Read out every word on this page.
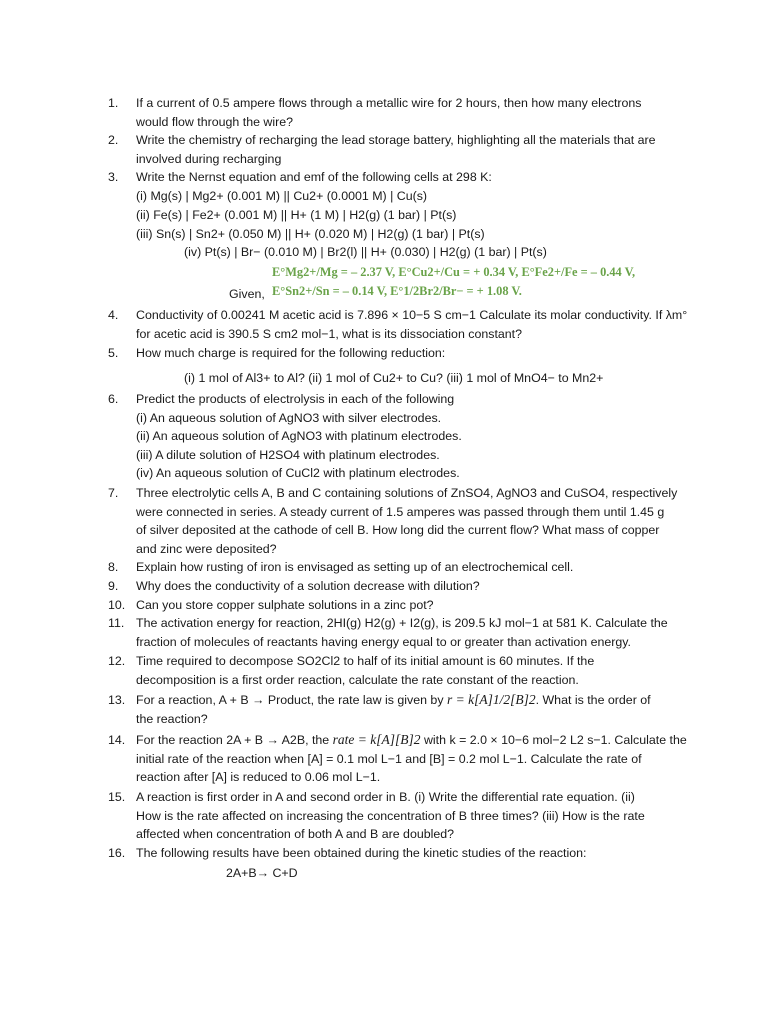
1.	If a current of 0.5 ampere flows through a metallic wire for 2 hours, then how many electrons
would flow through the wire?
2.	Write the chemistry of recharging the lead storage battery, highlighting all the materials that are
involved during recharging
3.	Write the Nernst equation and emf of the following cells at 298 K:
(i) Mg(s) | Mg2+ (0.001 M) || Cu2+ (0.0001 M) | Cu(s)
(ii) Fe(s) | Fe2+ (0.001 M) || H+ (1 M) | H2(g) (1 bar) | Pt(s)
(iii) Sn(s) | Sn2+ (0.050 M) || H+ (0.020 M) | H2(g) (1 bar) | Pt(s)
(iv) Pt(s) | Br− (0.010 M) | Br2(l) || H+ (0.030) | H2(g) (1 bar) | Pt(s)
E°Mg2+/Mg = – 2.37 V, E°Cu2+/Cu = + 0.34 V, E°Fe2+/Fe = – 0.44 V,
Given, E°Sn2+/Sn = – 0.14 V, E°1/2Br2/Br− = + 1.08 V.
4.	Conductivity of 0.00241 M acetic acid is 7.896 × 10−5 S cm−1 Calculate its molar conductivity. If λm°
for acetic acid is 390.5 S cm2 mol−1, what is its dissociation constant?
5.	How much charge is required for the following reduction:
(i) 1 mol of Al3+ to Al? (ii) 1 mol of Cu2+ to Cu? (iii) 1 mol of MnO4− to Mn2+
6.	Predict the products of electrolysis in each of the following
(i) An aqueous solution of AgNO3 with silver electrodes.
(ii) An aqueous solution of AgNO3 with platinum electrodes.
(iii) A dilute solution of H2SO4 with platinum electrodes.
(iv) An aqueous solution of CuCl2 with platinum electrodes.
7.	Three electrolytic cells A, B and C containing solutions of ZnSO4, AgNO3 and CuSO4, respectively
were connected in series. A steady current of 1.5 amperes was passed through them until 1.45 g
of silver deposited at the cathode of cell B. How long did the current flow? What mass of copper
and zinc were deposited?
8.	Explain how rusting of iron is envisaged as setting up of an electrochemical cell.
9.	Why does the conductivity of a solution decrease with dilution?
10. Can you store copper sulphate solutions in a zinc pot?
11. The activation energy for reaction, 2HI(g) H2(g) + I2(g), is 209.5 kJ mol−1 at 581 K. Calculate the
fraction of molecules of reactants having energy equal to or greater than activation energy.
12. Time required to decompose SO2Cl2 to half of its initial amount is 60 minutes. If the
decomposition is a first order reaction, calculate the rate constant of the reaction.
13. For a reaction, A + B → Product, the rate law is given by r = k[A]1/2[B]2. What is the order of
the reaction?
14. For the reaction 2A + B → A2B, the rate = k[A][B]2 with k = 2.0 × 10−6 mol−2 L2 s−1. Calculate the
initial rate of the reaction when [A] = 0.1 mol L−1 and [B] = 0.2 mol L−1. Calculate the rate of
reaction after [A] is reduced to 0.06 mol L−1.
15. A reaction is first order in A and second order in B. (i) Write the differential rate equation. (ii)
How is the rate affected on increasing the concentration of B three times? (iii) How is the rate
affected when concentration of both A and B are doubled?
16. The following results have been obtained during the kinetic studies of the reaction:
2A+B→ C+D
